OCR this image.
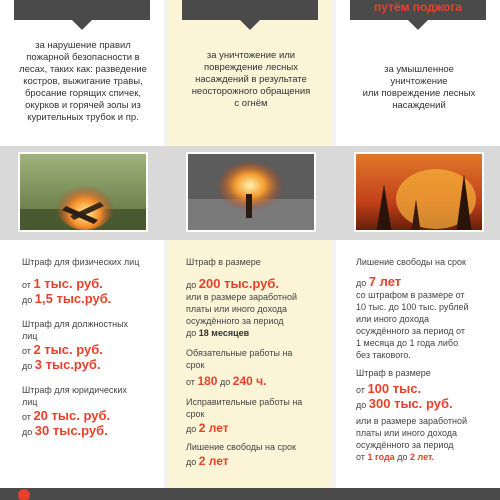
путём поджога
за нарушение правил
пожарной безопасности в
лесах, таких как: разведение
костров, выжигание травы,
бросание горящих спичек,
окурков и горячей золы из
курительных трубок и пр.
за уничтожение или
повреждение лесных
насаждений в результате
неосторожного обращения
с огнём
за умышленное
уничтожение
или повреждение лесных
насаждений
Штраф для физических лиц
от 1 тыс. руб.
до 1,5 тыс.руб.
Штраф для должностных
лиц
от 2 тыс. руб.
до 3 тыс.руб.
Штраф для юридических
лиц
от 20 тыс. руб.
до 30 тыс.руб.
Штраф в размере
до 200 тыс.руб.
или в размере заработной
платы или иного дохода
осуждённого за период
до 18 месяцев
Обязательные работы на
срок
от 180 до 240 ч.
Исправительные работы на
срок
до 2 лет
Лишение свободы на срок
до 2 лет
Лишение свободы на срок
до 7 лет
со штрафом в размере от
10 тыс. до 100 тыс. рублей
или иного дохода
осуждённого за период от
1 месяца до 1 года либо
без такового.
Штраф в размере
от 100 тыс.
до 300 тыс. руб.
или в размере заработной
платы или иного дохода
осуждённого за период
от 1 года до 2 лет.
